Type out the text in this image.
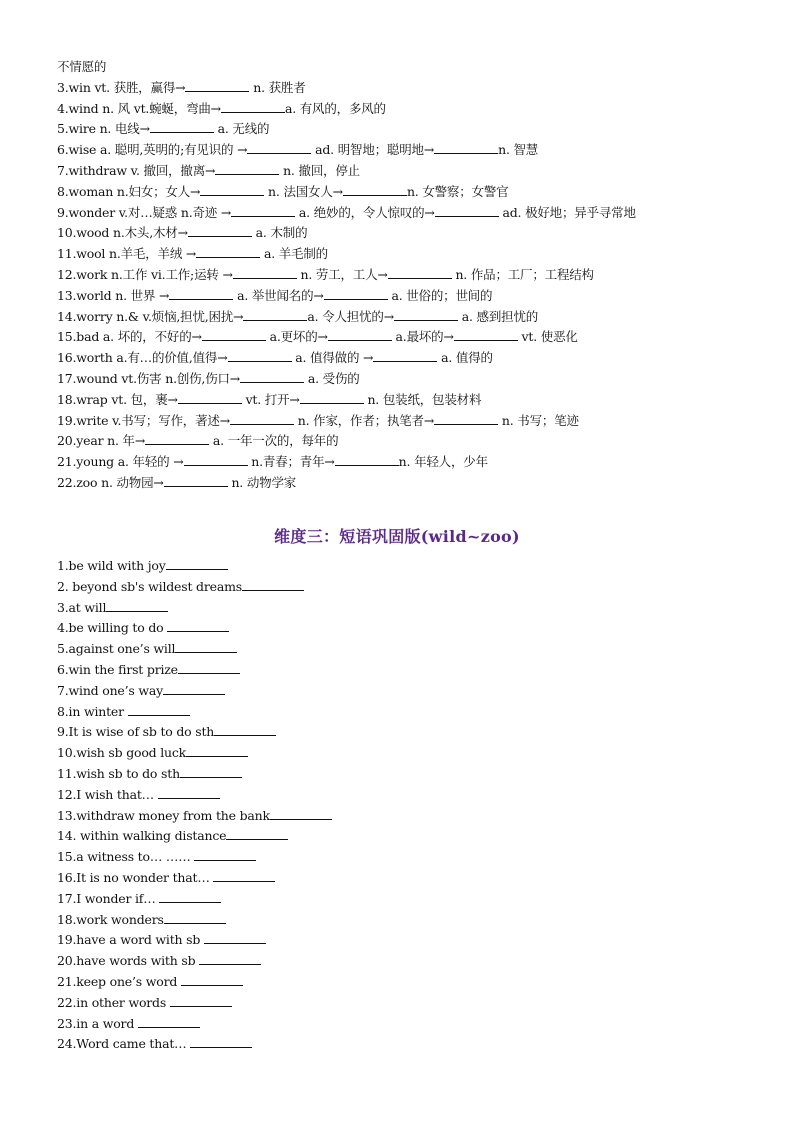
不情愿的
3.win vt. 获胜，赢得→	n. 获胜者
4.wind n. 风 vt.蜿蜒，弯曲→	a. 有风的，多风的
5.wire n. 电线→	a. 无线的
6.wise a. 聪明,英明的;有见识的 →	ad. 明智地；聪明地→	n. 智慧
7.withdraw v. 撤回，撤离→	n. 撤回，停止
8.woman n.妇女；女人→	n. 法国女人→	n. 女警察；女警官
9.wonder v.对…疑惑 n.奇迹 →	a. 绝妙的，令人惊叹的→	ad. 极好地；异乎寻常地
10.wood n.木头,木材→	a. 木制的
11.wool n.羊毛，羊绒 →	a. 羊毛制的
12.work n.工作 vi.工作;运转 →	n. 劳工，工人→	n. 作品；工厂；工程结构
13.world n. 世界 →	a. 举世闻名的→	a. 世俗的；世间的
14.worry n.& v.烦恼,担忧,困扰→	a. 令人担忧的→	a. 感到担忧的
15.bad a. 坏的，不好的→	a.更坏的→	a.最坏的→	vt. 使恶化
16.worth a.有…的价值,值得→	a. 值得做的 →	a. 值得的
17.wound vt.伤害 n.创伤,伤口→	a. 受伤的
18.wrap vt. 包，裹→	vt. 打开→	n. 包装纸，包装材料
19.write v.书写；写作，著述→	n. 作家，作者；执笔者→	n. 书写；笔迹
20.year n. 年→	a. 一年一次的，每年的
21.young a. 年轻的 →	n.青春；青年→	n. 年轻人，少年
22.zoo n. 动物园→	n. 动物学家
维度三：短语巩固版(wild~zoo)
1.be wild with joy
2. beyond sb's wildest dreams
3.at will
4.be willing to do
5.against one’s will
6.win the first prize
7.wind one’s way
8.in winter
9.It is wise of sb to do sth
10.wish sb good luck
11.wish sb to do sth
12.I wish that…
13.withdraw money from the bank
14. within walking distance
15.a witness to… ……
16.It is no wonder that…
17.I wonder if…
18.work wonders
19.have a word with sb
20.have words with sb
21.keep one’s word
22.in other words
23.in a word
24.Word came that…
